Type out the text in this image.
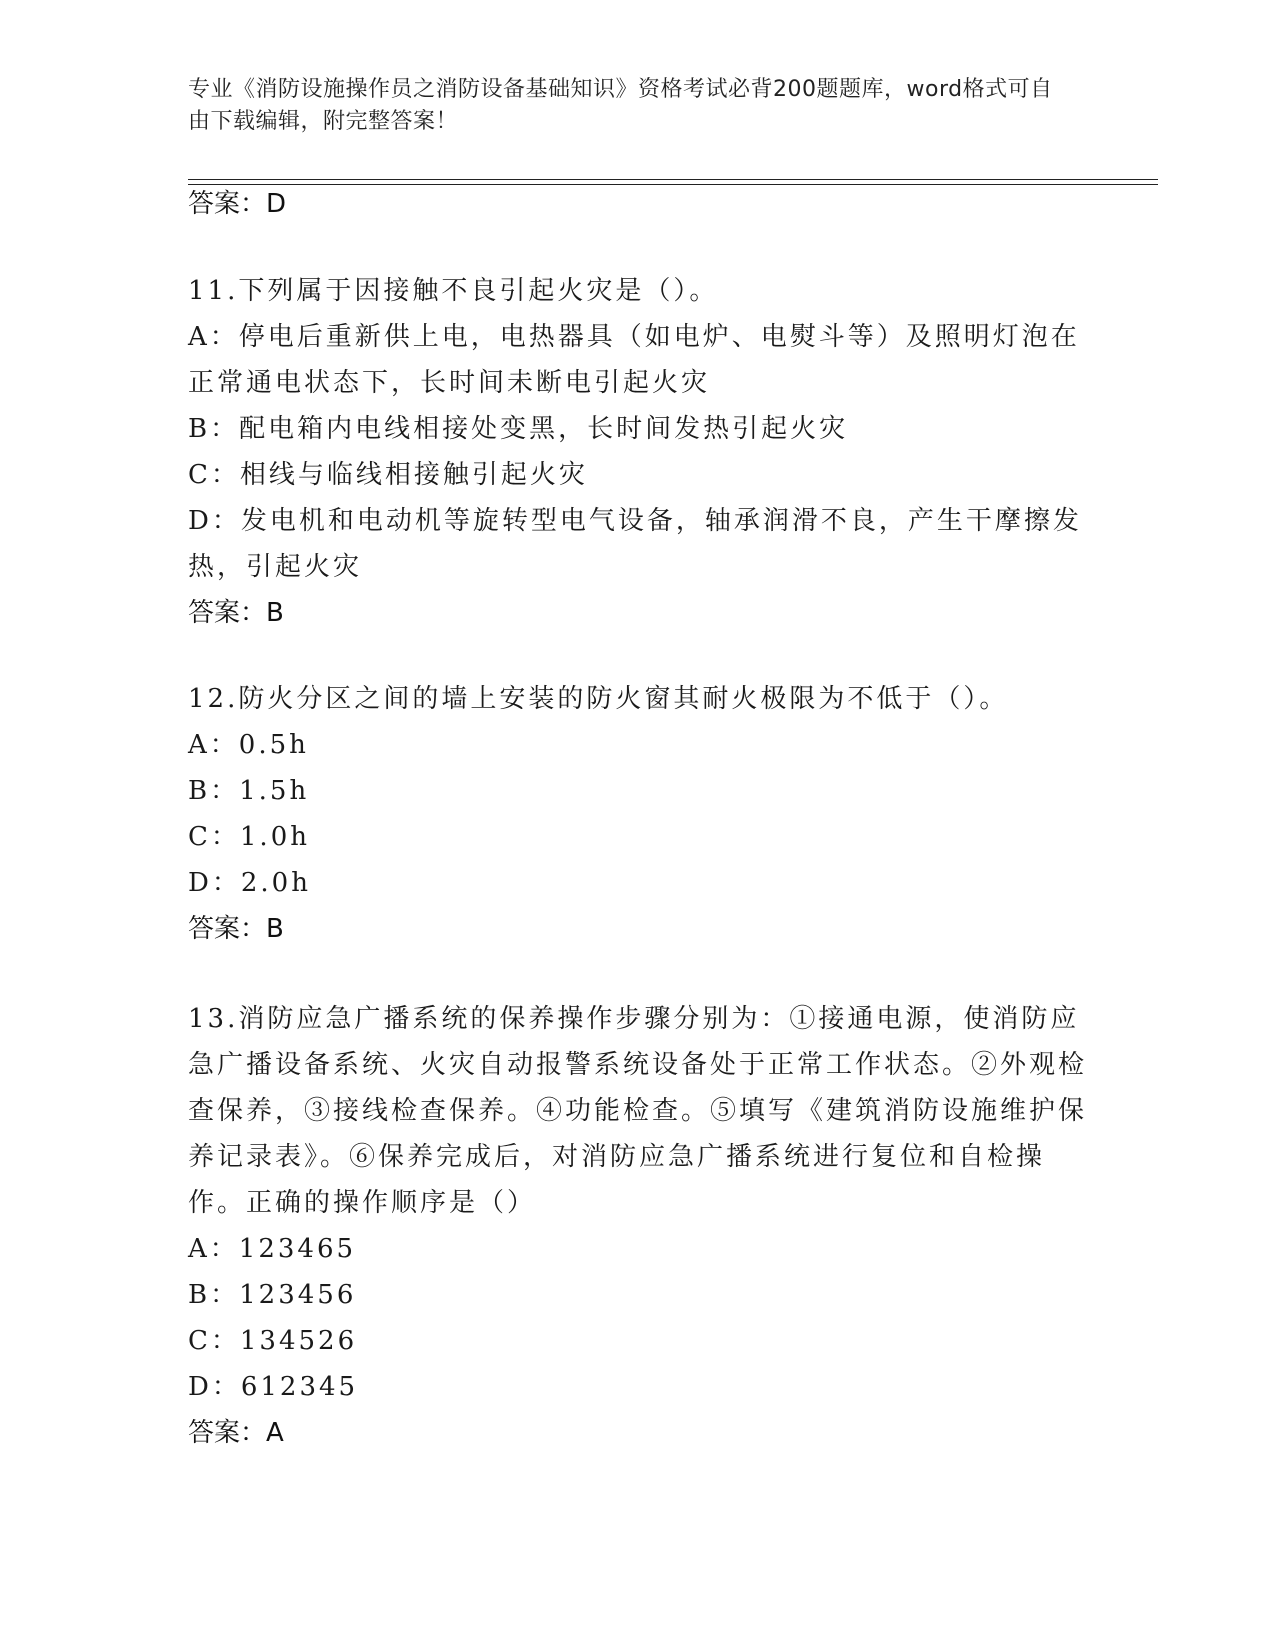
专业《消防设施操作员之消防设备基础知识》资格考试必背200题题库，word格式可自由下载编辑，附完整答案！
答案：D
11.下列属于因接触不良引起火灾是（）。
A：停电后重新供上电，电热器具（如电炉、电熨斗等）及照明灯泡在正常通电状态下，长时间未断电引起火灾
B：配电箱内电线相接处变黑，长时间发热引起火灾
C：相线与临线相接触引起火灾
D：发电机和电动机等旋转型电气设备，轴承润滑不良，产生干摩擦发热，引起火灾
答案：B
12.防火分区之间的墙上安装的防火窗其耐火极限为不低于（）。
A：0.5h
B：1.5h
C：1.0h
D：2.0h
答案：B
13.消防应急广播系统的保养操作步骤分别为：①接通电源，使消防应急广播设备系统、火灾自动报警系统设备处于正常工作状态。②外观检查保养，③接线检查保养。④功能检查。⑤填写《建筑消防设施维护保养记录表》。⑥保养完成后，对消防应急广播系统进行复位和自检操作。正确的操作顺序是（）
A：123465
B：123456
C：134526
D：612345
答案：A
